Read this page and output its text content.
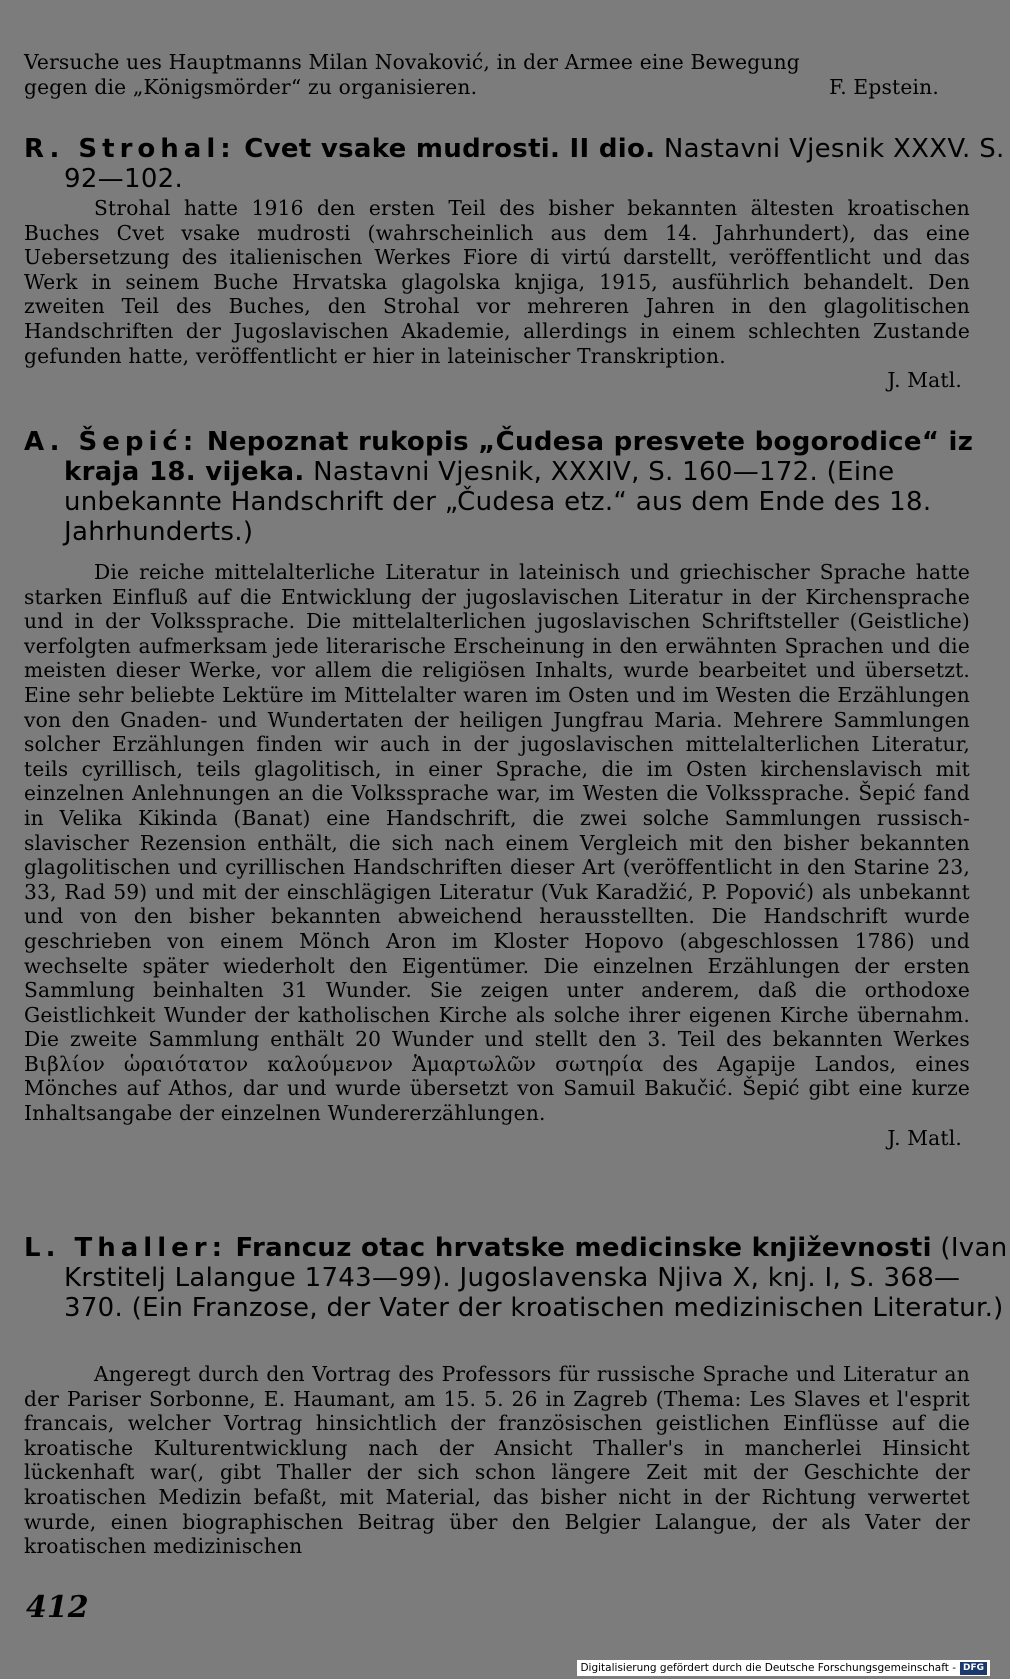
Versuche ues Hauptmanns Milan Novaković, in der Armee eine Bewegung
gegen die „Königsmörder“ zu organisieren.	F. Epstein.
R. Strohal: Cvet vsake mudrosti. II dio. Nastavni Vjesnik XXXV. S. 92—102.

Strohal hatte 1916 den ersten Teil des bisher bekannten ältesten kroatischen Buches Cvet vsake mudrosti (wahrscheinlich aus dem 14. Jahrhundert), das eine Uebersetzung des italienischen Werkes Fiore di virtú darstellt, veröffentlicht und das Werk in seinem Buche Hrvatska glagolska knjiga, 1915, ausführlich behandelt. Den zweiten Teil des Buches, den Strohal vor mehreren Jahren in den glagolitischen Handschriften der Jugoslavischen Akademie, allerdings in einem schlechten Zustande gefunden hatte, veröffentlicht er hier in lateinischer Transkription.

J. Matl.
A. Šepić: Nepoznat rukopis „Čudesa presvete bogorodice“ iz kraja 18. vijeka. Nastavni Vjesnik, XXXIV, S. 160—172. (Eine unbekannte Handschrift der „Čudesa etz.“ aus dem Ende des 18. Jahrhunderts.)

Die reiche mittelalterliche Literatur in lateinisch und griechischer Sprache hatte starken Einfluß auf die Entwicklung der jugoslavischen Literatur in der Kirchensprache und in der Volkssprache. Die mittelalterlichen jugoslavischen Schriftsteller (Geistliche) verfolgten aufmerksam jede literarische Erscheinung in den erwähnten Sprachen und die meisten dieser Werke, vor allem die religiösen Inhalts, wurde bearbeitet und übersetzt. Eine sehr beliebte Lektüre im Mittelalter waren im Osten und im Westen die Erzählungen von den Gnaden- und Wundertaten der heiligen Jungfrau Maria. Mehrere Sammlungen solcher Erzählungen finden wir auch in der jugoslavischen mittelalterlichen Literatur, teils cyrillisch, teils glagolitisch, in einer Sprache, die im Osten kirchenslavisch mit einzelnen Anlehnungen an die Volkssprache war, im Westen die Volkssprache. Šepić fand in Velika Kikinda (Banat) eine Handschrift, die zwei solche Sammlungen russisch-slavischer Rezension enthält, die sich nach einem Vergleich mit den bisher bekannten glagolitischen und cyrillischen Handschriften dieser Art (veröffentlicht in den Starine 23, 33, Rad 59) und mit der einschlägigen Literatur (Vuk Karadžić, P. Popović) als unbekannt und von den bisher bekannten abweichend herausstellten. Die Handschrift wurde geschrieben von einem Mönch Aron im Kloster Hopovo (abgeschlossen 1786) und wechselte später wiederholt den Eigentümer. Die einzelnen Erzählungen der ersten Sammlung beinhalten 31 Wunder. Sie zeigen unter anderem, daß die orthodoxe Geistlichkeit Wunder der katholischen Kirche als solche ihrer eigenen Kirche übernahm. Die zweite Sammlung enthält 20 Wunder und stellt den 3. Teil des bekannten Werkes Βιβλίον ὡραιότατον καλούμενον Ἁμαρτωλῶν σωτηρία des Agapije Landos, eines Mönches auf Athos, dar und wurde übersetzt von Samuil Bakučić. Šepić gibt eine kurze Inhaltsangabe der einzelnen Wundererzählungen.

J. Matl.
L. Thaller: Francuz otac hrvatske medicinske književnosti (Ivan Krstitelj Lalangue 1743—99). Jugoslavenska Njiva X, knj. I, S. 368—370. (Ein Franzose, der Vater der kroatischen medizinischen Literatur.)

Angeregt durch den Vortrag des Professors für russische Sprache und Literatur an der Pariser Sorbonne, E. Haumant, am 15. 5. 26 in Zagreb (Thema: Les Slaves et l'esprit francais, welcher Vortrag hinsichtlich der französischen geistlichen Einflüsse auf die kroatische Kulturentwicklung nach der Ansicht Thaller's in mancherlei Hinsicht lückenhaft war(, gibt Thaller der sich schon längere Zeit mit der Geschichte der kroatischen Medizin befaßt, mit Material, das bisher nicht in der Richtung verwertet wurde, einen biographischen Beitrag über den Belgier Lalangue, der als Vater der kroatischen medizinischen

412
Digitalisierung gefördert durch die Deutsche Forschungsgemeinschaft - DFG
